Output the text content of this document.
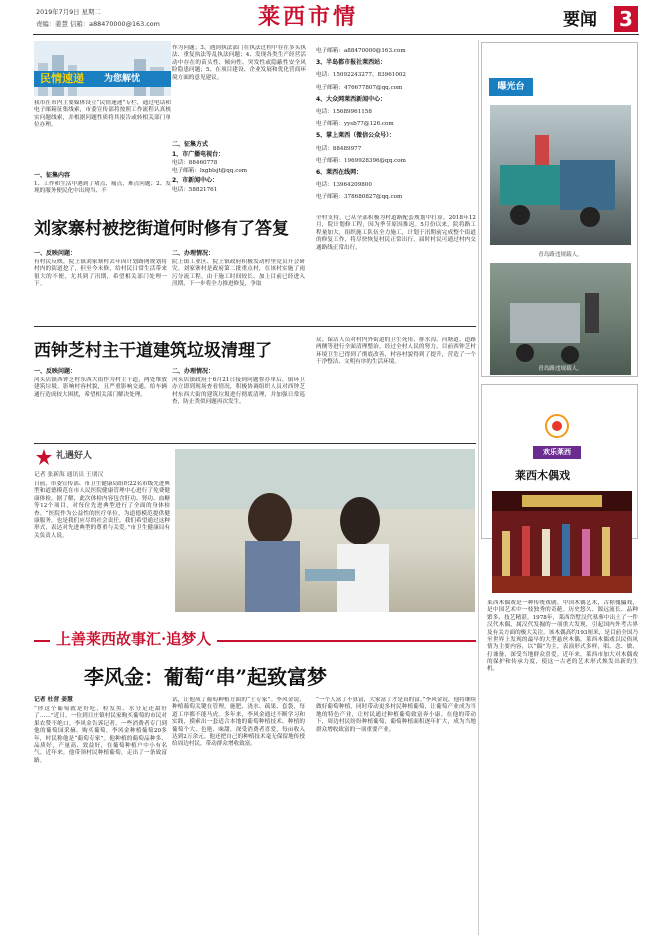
2019年7月9日 星期二
责编：姜慧 信箱：a88470000@163.com	莱西市情	要闻 3
民情速递 为您解忧
我市在市内主要媒体设立“民情速递”专栏，通过电话和电子邮箱征集线索，市委宣传部将按照工作流程认真核实问题线索，并根据问题性质将其报告或转相关部门单位办理。
一、征集内容
1、工作和生活中遇到了堵点、痛点、难点问题；2、发现的服务便民化中出现当、不
作为问题；3、遇到执法部门在执法过程中存在多头执法、重复执法等乱执法问题；4、发现各类生产经营活动中存在的苗头性、倾向性、突发性或隐蔽性安全风险隐患问题；5、在项目建设、企业发展和优化营商环境方面的意见建议。
二、征集方式
1、市广播电视台：
电话：88460778
电子邮箱：lxgblsjt@qq.com
2、市新闻中心：
电话：58821761
电子邮箱：a88470000@163.com
3、半岛都市报社莱西站：
电话：15092243277、83961002
电子邮箱：476677807@qq.com
4、大众网莱西新闻中心：
电话：15689961158
电子邮箱：yysb77@126.com
5、掌上莱西（微信公众号）：
电话：88489977
电子邮箱：1969928396@qq.com
6、莱西在线网：
电话：13964209800
电子邮箱：378680827@qq.com
曝光台
青岛路违规载人。
青岛路违规载人。
刘家寨村被挖街道何时修有了答复
一、反映问题：
有村民反映，院上镇刘家寨村去年因计划路网规划将村内的街道挖了，但至今未修，给村民日常生活带来很大的不便，尤其到了汛期，希望相关部门处理一下。
二、办理情况：
院上镇工业区、院上镇政府积极发动村里党员开会研究。刘家寨村是政府第二批重点村，在该村实施了雨污分流工程，由于施工时间较长、加上目前已经进入汛期，下一步将全力推进修复，争取
全村支持，已从全部积极为村道路配套规划中打算。2018年12月，院计划修工程，因为季节原因推迟。5月份以来，院将路工程量加大，组织施工队伍全力施工，计划于汛期前完成整个街道的修复工作，将尽快恢复村民正常出行，届时村民可通过村内交通路线正常出行。
西钟芝村主干道建筑垃圾清理了
一、反映问题：
河头店镇西钟芝村东西大街作为村主干道，两处堆放建筑垃圾，影响村容村貌，且严重影响交通，给车辆通行造成较大困扰，希望相关部门解决处理。
二、办理情况：
河头店镇政府于6月21日接到问题督办单后，镇环卫办立即到现场查看情况，积极协调组织人员对西钟芝村东西大街的建筑垃圾进行彻底清理，并加强日常巡查，防止类似问题再次发生。
众、保洁人员对村内外街道的卫生死角、排水沟、河塘道、道路两侧等进行全面清理整治。经过全村人民的努力，目前西钟芝村环境卫生已得到了彻底改善，村容村貌得到了提升，营造了一个干净整洁、文明有序的生活环境。
礼遇好人
记者 张新海 通讯员 王朋汉
日前，市委宣传部、市卫生健康局组织22名市级先进典型和道德模范在市人民医院健康管理中心进行了免费健康体检。据了解，此次体检内容包含肝功、肾功、血糖等12个项目，对每位先进典型进行了全面的身体检查。“医院作为公益性的医疗单位，为道德模范提供健康服务，也是我们应尽的社会责任。我们希望通过这种形式，表达对先进典型的尊重与关爱。”市卫生健康局有关负责人说。
上善莱西故事汇·追梦人
李风金：葡萄“串”起致富梦
记者 杜营 姜慧
“你这个葡萄就是好吃，粒发黑、水分足还甜好了……”近日，一位到日庄镇村民家购买葡萄的市民对果农赞不绝口。李风金告诉记者，一些消费者专门到他的葡萄园采摘、购买葡萄。李风金种植葡萄20多年，村民称他是“葡萄专家”。他种植的葡萄品种多、品质好，产量高、效益好，在葡萄种植户中小有名气。近年来，他带领村民种植葡萄，走出了一条致富路。
试，让他成了葡萄种植方面的“土专家”。李风金说，种植葡萄关键在管理，施肥、浇水、疏果、套袋，每道工序都不能马虎。多年来，李风金通过不断学习和实践，摸索出一套适合本地的葡萄种植技术，种植的葡萄个大、色艳、味甜，深受消费者喜爱，每亩收入达到2万余元。他还把自己的种植技术毫无保留地传授给周边村民，带动群众增收致富。
“一个人富了不算富，大家富了才是真的富。”李风金说，他将继续做好葡萄种植，同时带动更多村民种植葡萄，让葡萄产业成为当地的特色产业，让村民通过种植葡萄致富奔小康。在他的带动下，周边村民纷纷种植葡萄，葡萄种植面积逐年扩大，成为当地群众增收致富的一项重要产业。
欢乐莱西
莱西木偶戏
莱西木偶戏是一种传统戏剧。中国木偶艺术，古称傀儡戏，是中国艺术中一枝独秀的奇葩。历史悠久、源远流长、品种繁多、技艺精湛。1978年，莱西岱墅汉代墓葬中出土了一件汉代木偶，属汉代发掘的一项重大发现，引起国内外考古界及有关方面的极大关注。该木偶高约193厘米，是目前全国乃至世界上发现的最早的大型悬丝木偶。莱西木偶戏以民俗风情为主要内容，以“偶”为主，表演形式多样，唱、念、做、打兼备，深受当地群众喜爱。近年来，莱西市加大对木偶戏的保护和传承力度，使这一古老的艺术形式焕发出新的生机。
